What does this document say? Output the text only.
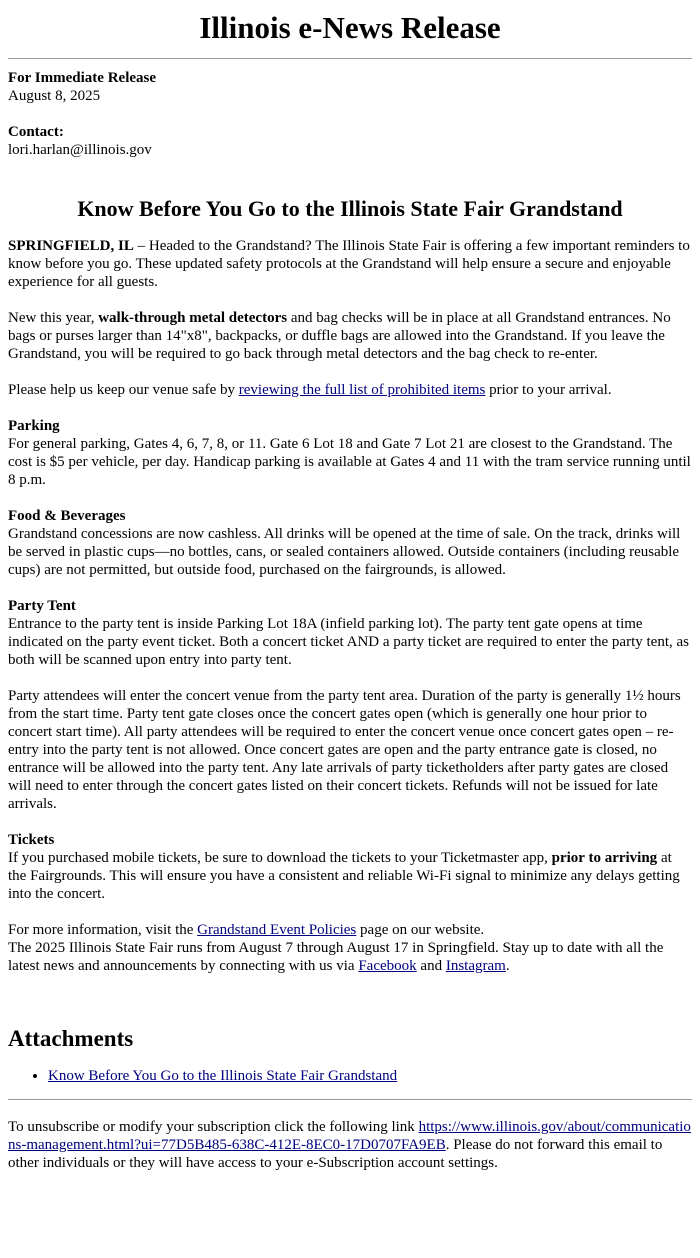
Illinois e-News Release
For Immediate Release
August 8, 2025
Contact:
lori.harlan@illinois.gov
Know Before You Go to the Illinois State Fair Grandstand

SPRINGFIELD, IL – Headed to the Grandstand? The Illinois State Fair is offering a few important reminders to know before you go. These updated safety protocols at the Grandstand will help ensure a secure and enjoyable experience for all guests.

New this year, walk-through metal detectors and bag checks will be in place at all Grandstand entrances. No bags or purses larger than 14"x8", backpacks, or duffle bags are allowed into the Grandstand. If you leave the Grandstand, you will be required to go back through metal detectors and the bag check to re-enter.

Please help us keep our venue safe by reviewing the full list of prohibited items prior to your arrival.

Parking
For general parking, Gates 4, 6, 7, 8, or 11. Gate 6 Lot 18 and Gate 7 Lot 21 are closest to the Grandstand. The cost is $5 per vehicle, per day. Handicap parking is available at Gates 4 and 11 with the tram service running until 8 p.m.
Food & Beverages
Grandstand concessions are now cashless. All drinks will be opened at the time of sale. On the track, drinks will be served in plastic cups—no bottles, cans, or sealed containers allowed. Outside containers (including reusable cups) are not permitted, but outside food, purchased on the fairgrounds, is allowed.
Party Tent
Entrance to the party tent is inside Parking Lot 18A (infield parking lot). The party tent gate opens at time indicated on the party event ticket. Both a concert ticket AND a party ticket are required to enter the party tent, as both will be scanned upon entry into party tent.

Party attendees will enter the concert venue from the party tent area. Duration of the party is generally 1½ hours from the start time. Party tent gate closes once the concert gates open (which is generally one hour prior to concert start time). All party attendees will be required to enter the concert venue once concert gates open – re-entry into the party tent is not allowed. Once concert gates are open and the party entrance gate is closed, no entrance will be allowed into the party tent. Any late arrivals of party ticketholders after party gates are closed will need to enter through the concert gates listed on their concert tickets. Refunds will not be issued for late arrivals.

Tickets
If you purchased mobile tickets, be sure to download the tickets to your Ticketmaster app, prior to arriving at the Fairgrounds. This will ensure you have a consistent and reliable Wi-Fi signal to minimize any delays getting into the concert.
For more information, visit the Grandstand Event Policies page on our website.
The 2025 Illinois State Fair runs from August 7 through August 17 in Springfield. Stay up to date with all the latest news and announcements by connecting with us via Facebook and Instagram.
Attachments
• Know Before You Go to the Illinois State Fair Grandstand

To unsubscribe or modify your subscription click the following link https://www.illinois.gov/about/communications-management.html?ui=77D5B485-638C-412E-8EC0-17D0707FA9EB. Please do not forward this email to other individuals or they will have access to your e-Subscription account settings.
